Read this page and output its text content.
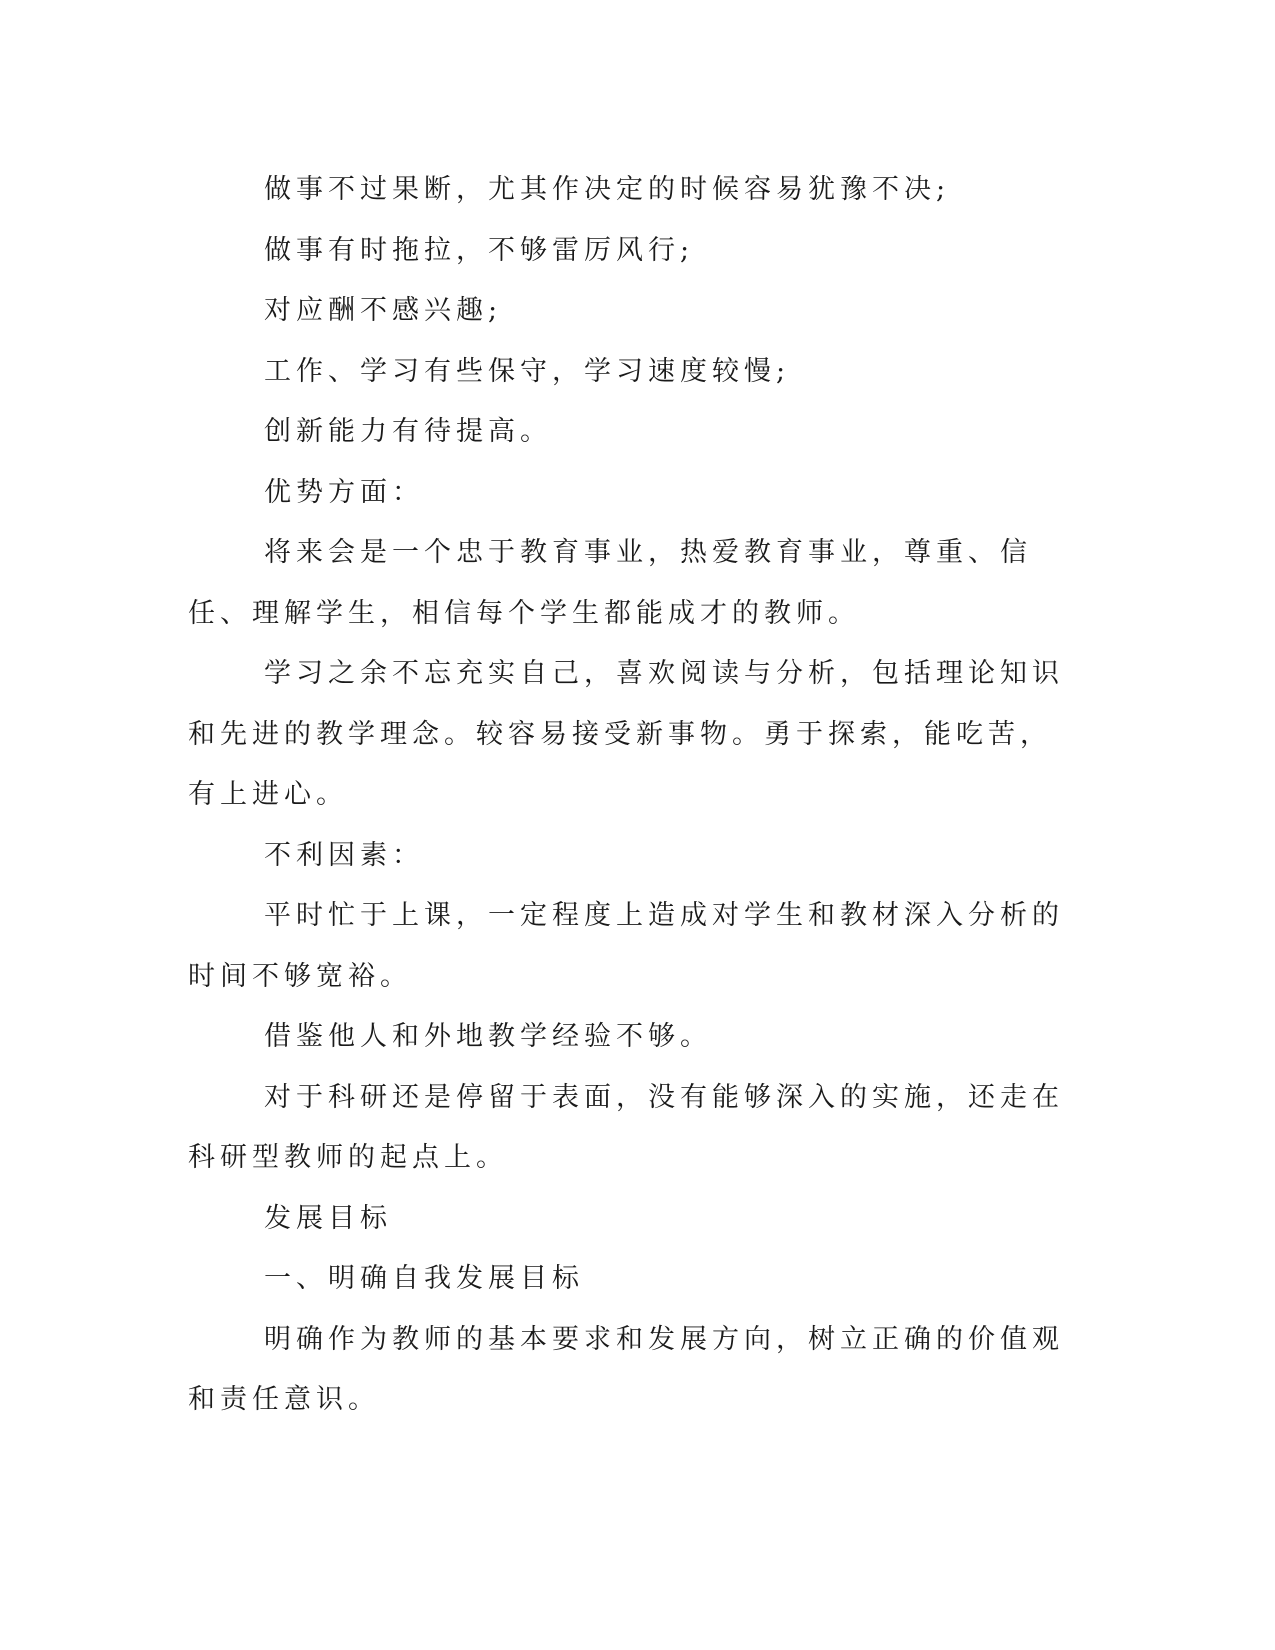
做事不过果断，尤其作决定的时候容易犹豫不决;

做事有时拖拉，不够雷厉风行;

对应酬不感兴趣;

工作、学习有些保守，学习速度较慢;

创新能力有待提高。

优势方面：

将来会是一个忠于教育事业，热爱教育事业，尊重、信任、理解学生，相信每个学生都能成才的教师。

学习之余不忘充实自己，喜欢阅读与分析，包括理论知识和先进的教学理念。较容易接受新事物。勇于探索，能吃苦，有上进心。

不利因素：

平时忙于上课，一定程度上造成对学生和教材深入分析的时间不够宽裕。

借鉴他人和外地教学经验不够。

对于科研还是停留于表面，没有能够深入的实施，还走在科研型教师的起点上。

发展目标

一、明确自我发展目标

明确作为教师的基本要求和发展方向，树立正确的价值观和责任意识。
